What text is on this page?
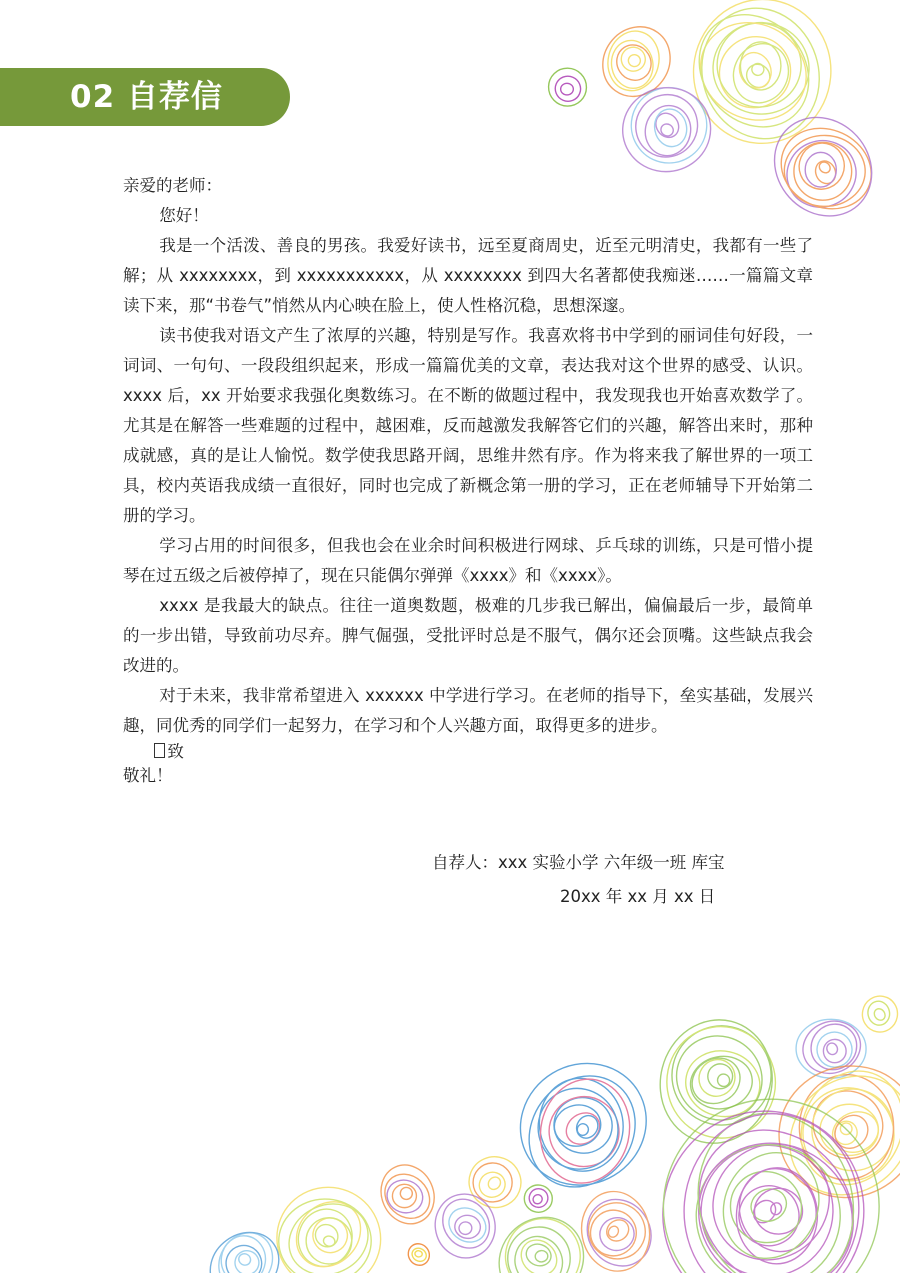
02 自荐信

亲爱的老师：

您好！

我是一个活泼、善良的男孩。我爱好读书，远至夏商周史，近至元明清史，我都有一些了解；从 xxxxxxxx，到 xxxxxxxxxxx，从 xxxxxxxx 到四大名著都使我痴迷……一篇篇文章读下来，那“书卷气”悄然从内心映在脸上，使人性格沉稳，思想深邃。

读书使我对语文产生了浓厚的兴趣，特别是写作。我喜欢将书中学到的丽词佳句好段，一词词、一句句、一段段组织起来，形成一篇篇优美的文章，表达我对这个世界的感受、认识。xxxx 后，xx 开始要求我强化奥数练习。在不断的做题过程中，我发现我也开始喜欢数学了。尤其是在解答一些难题的过程中，越困难，反而越激发我解答它们的兴趣，解答出来时，那种成就感，真的是让人愉悦。数学使我思路开阔，思维井然有序。作为将来我了解世界的一项工具，校内英语我成绩一直很好，同时也完成了新概念第一册的学习，正在老师辅导下开始第二册的学习。

学习占用的时间很多，但我也会在业余时间积极进行网球、乒乓球的训练，只是可惜小提琴在过五级之后被停掉了，现在只能偶尔弹弹《xxxx》和《xxxx》。

xxxx 是我最大的缺点。往往一道奥数题，极难的几步我已解出，偏偏最后一步，最简单的一步出错，导致前功尽弃。脾气倔强，受批评时总是不服气，偶尔还会顶嘴。这些缺点我会改进的。

对于未来，我非常希望进入 xxxxxx 中学进行学习。在老师的指导下，垒实基础，发展兴趣，同优秀的同学们一起努力，在学习和个人兴趣方面，取得更多的进步。

致

敬礼！

自荐人：xxx 实验小学 六年级一班 库宝
20xx 年 xx 月 xx 日
